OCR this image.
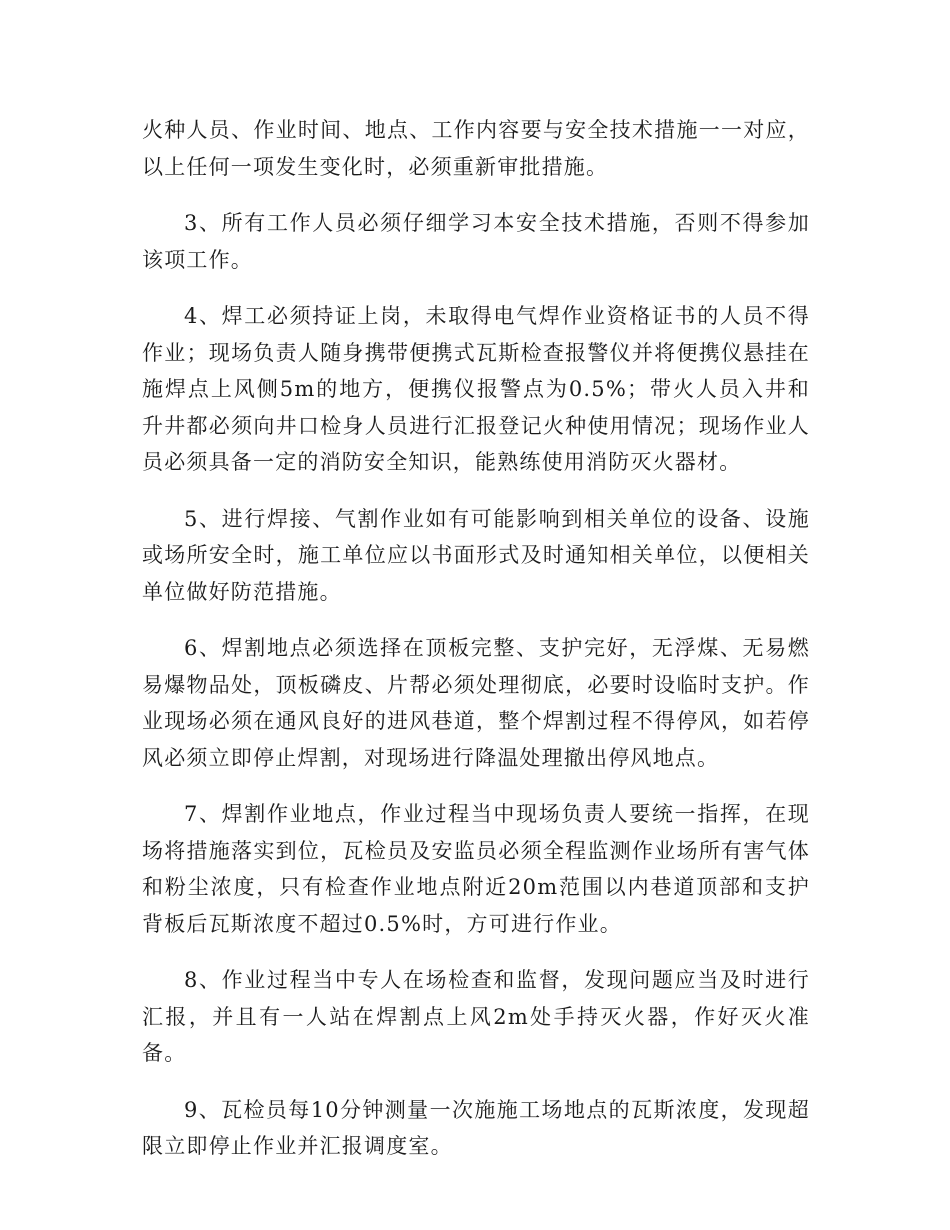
火种人员、作业时间、地点、工作内容要与安全技术措施一一对应，以上任何一项发生变化时，必须重新审批措施。

3、所有工作人员必须仔细学习本安全技术措施，否则不得参加该项工作。

4、焊工必须持证上岗，未取得电气焊作业资格证书的人员不得作业；现场负责人随身携带便携式瓦斯检查报警仪并将便携仪悬挂在施焊点上风侧5m的地方，便携仪报警点为0.5%；带火人员入井和升井都必须向井口检身人员进行汇报登记火种使用情况；现场作业人员必须具备一定的消防安全知识，能熟练使用消防灭火器材。

5、进行焊接、气割作业如有可能影响到相关单位的设备、设施或场所安全时，施工单位应以书面形式及时通知相关单位，以便相关单位做好防范措施。

6、焊割地点必须选择在顶板完整、支护完好，无浮煤、无易燃易爆物品处，顶板磷皮、片帮必须处理彻底，必要时设临时支护。作业现场必须在通风良好的进风巷道，整个焊割过程不得停风，如若停风必须立即停止焊割，对现场进行降温处理撤出停风地点。

7、焊割作业地点，作业过程当中现场负责人要统一指挥，在现场将措施落实到位，瓦检员及安监员必须全程监测作业场所有害气体和粉尘浓度，只有检查作业地点附近20m范围以内巷道顶部和支护背板后瓦斯浓度不超过0.5%时，方可进行作业。

8、作业过程当中专人在场检查和监督，发现问题应当及时进行汇报，并且有一人站在焊割点上风2m处手持灭火器，作好灭火准备。

9、瓦检员每10分钟测量一次施施工场地点的瓦斯浓度，发现超限立即停止作业并汇报调度室。
